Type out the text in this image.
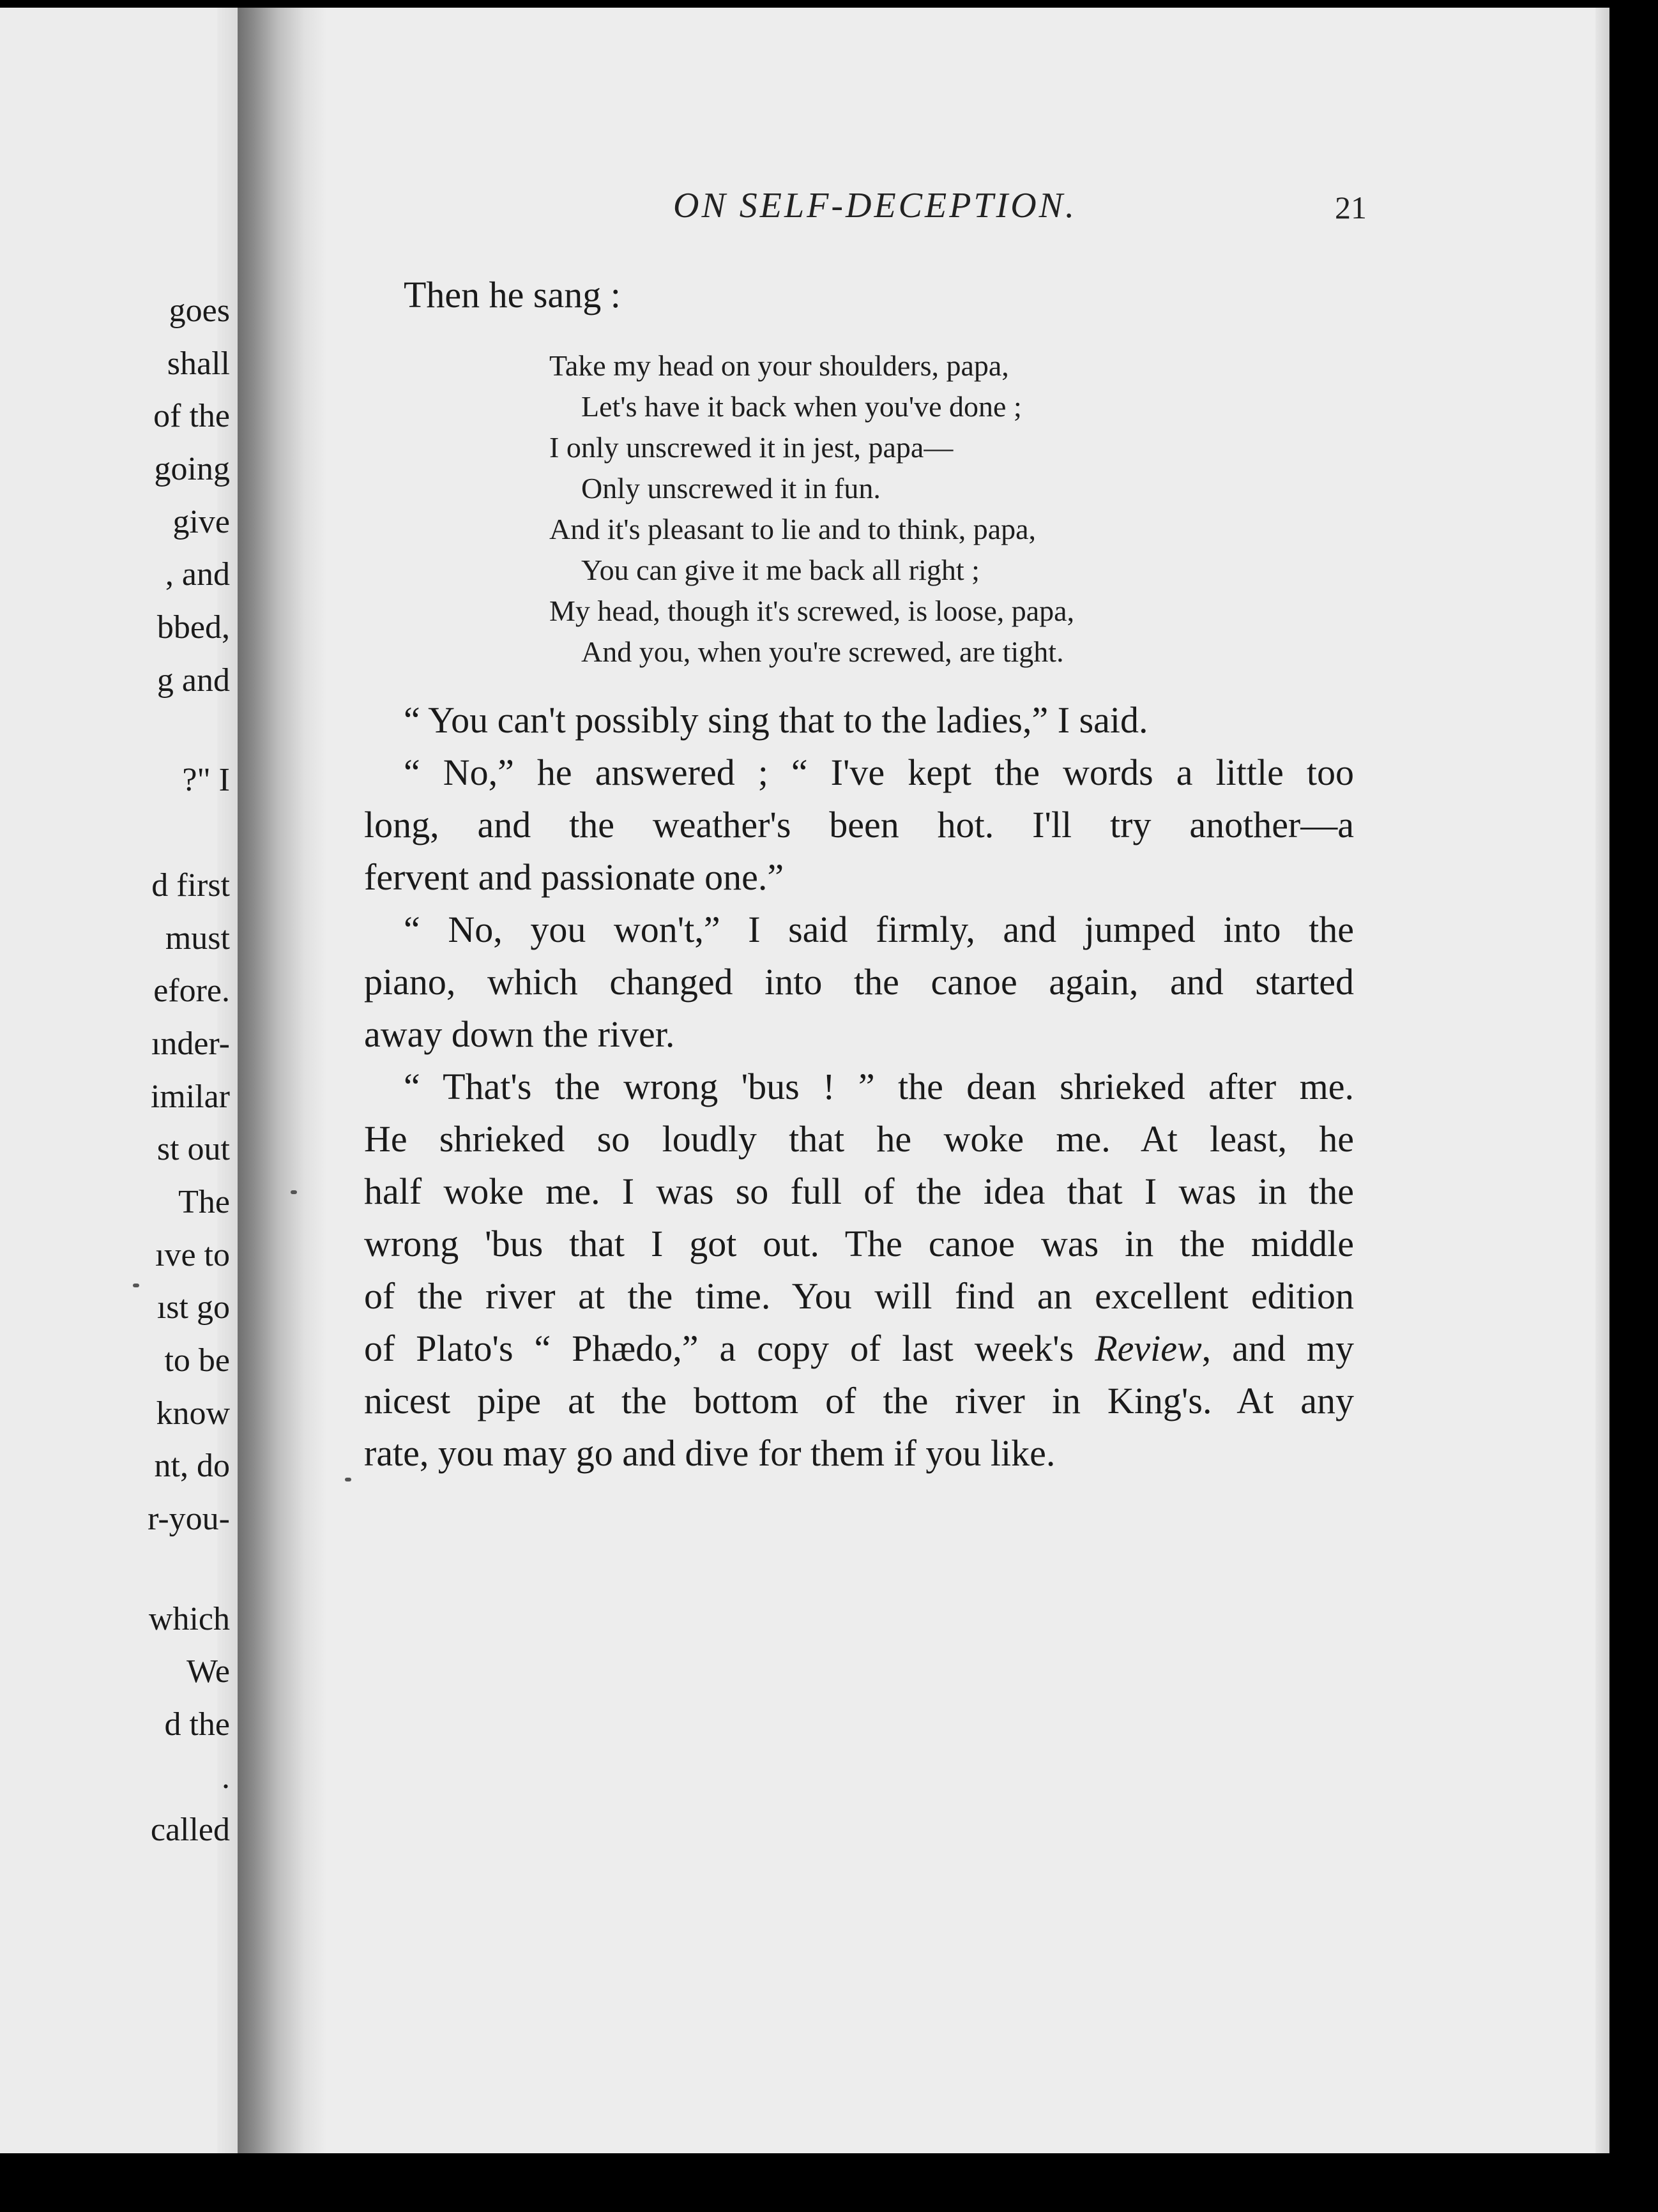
goes
shall
of the
going
give
, and
bbed,
g and
?" I
d first
must
efore.
ınder-
imilar
st out
The
ıve to
ıst go
to be
know
nt, do
r-you-
which
We
d the
.
called
ON SELF-DECEPTION.	21
Then he sang :
“ You can't possibly sing that to the ladies,” I said.
“ No,” he answered ; “ I've kept the words a little too
long, and the weather's been hot. I'll try another—a
fervent and passionate one.”
“ No, you won't,” I said firmly, and jumped into the
piano, which changed into the canoe again, and started
away down the river.
“ That's the wrong 'bus ! ” the dean shrieked after me.
He shrieked so loudly that he woke me. At least, he
half woke me. I was so full of the idea that I was in the
wrong 'bus that I got out. The canoe was in the middle
of the river at the time. You will find an excellent edition
of Plato's “ Phædo,” a copy of last week's Review, and my
nicest pipe at the bottom of the river in King's. At any
rate, you may go and dive for them if you like.
Take my head on your shoulders, papa,
Let's have it back when you've done ;
I only unscrewed it in jest, papa—
Only unscrewed it in fun.
And it's pleasant to lie and to think, papa,
You can give it me back all right ;
My head, though it's screwed, is loose, papa,
And you, when you're screwed, are tight.
